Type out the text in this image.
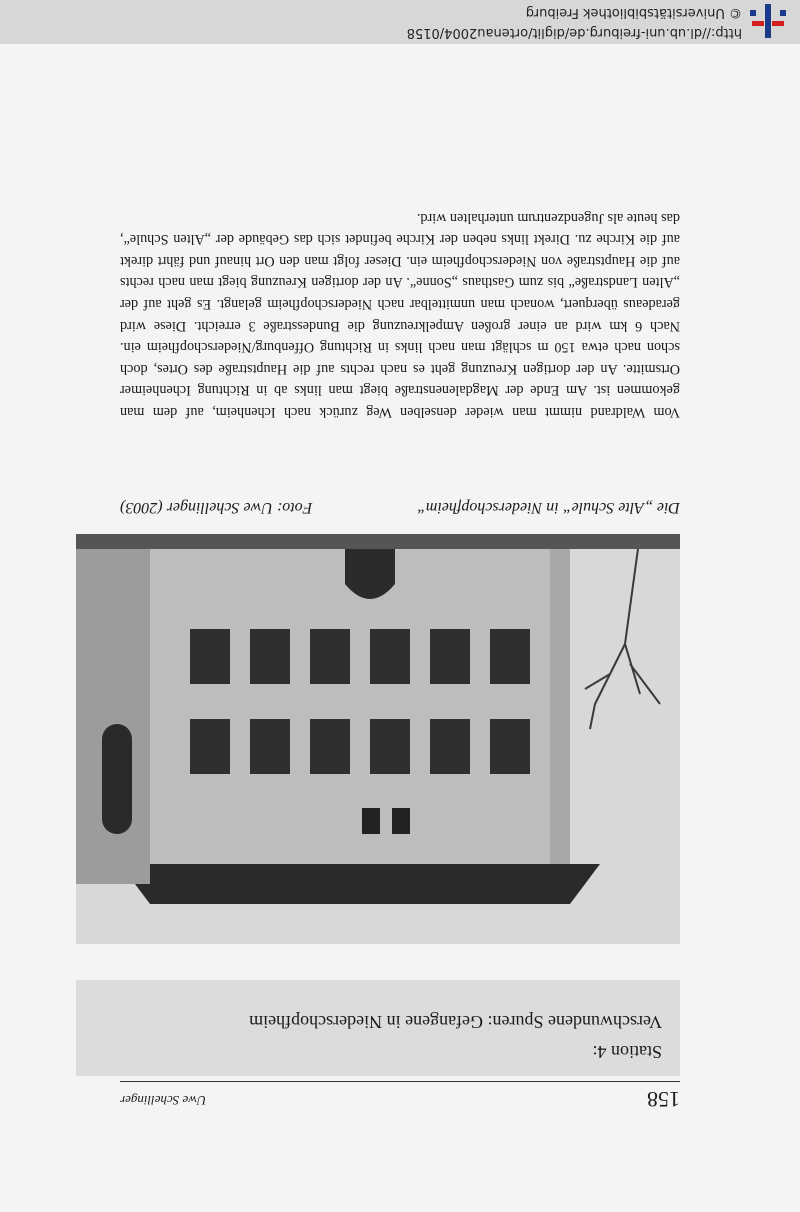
158
Uwe Schellinger
Station 4:
Verschwundene Spuren: Gefangene in Niederschopfheim
Die „Alte Schule“ in Niederschopfheim“
Foto: Uwe Schellinger (2003)
Vom Waldrand nimmt man wieder denselben Weg zurück nach Ichenheim, auf dem man gekommen ist. Am Ende der Magdalenenstraße biegt man links ab in Richtung Ichenheimer Ortsmitte. An der dortigen Kreuzung geht es nach rechts auf die Hauptstraße des Ortes, doch schon nach etwa 150 m schlägt man nach links in Richtung Offenburg/Niederschopfheim ein. Nach 6 km wird an einer großen Ampelkreuzung die Bundesstraße 3 erreicht. Diese wird geradeaus überquert, wonach man unmittelbar nach Niederschopfheim gelangt. Es geht auf der „Alten Landstraße“ bis zum Gasthaus „Sonne“. An der dortigen Kreuzung biegt man nach rechts auf die Hauptstraße von Niederschopfheim ein. Dieser folgt man den Ort hinauf und fährt direkt auf die Kirche zu. Direkt links neben der Kirche befindet sich das Gebäude der „Alten Schule“, das heute als Jugendzentrum unterhalten wird.
http://dl.ub.uni-freiburg.de/diglit/ortenau2004/0158
© Universitätsbibliothek Freiburg
